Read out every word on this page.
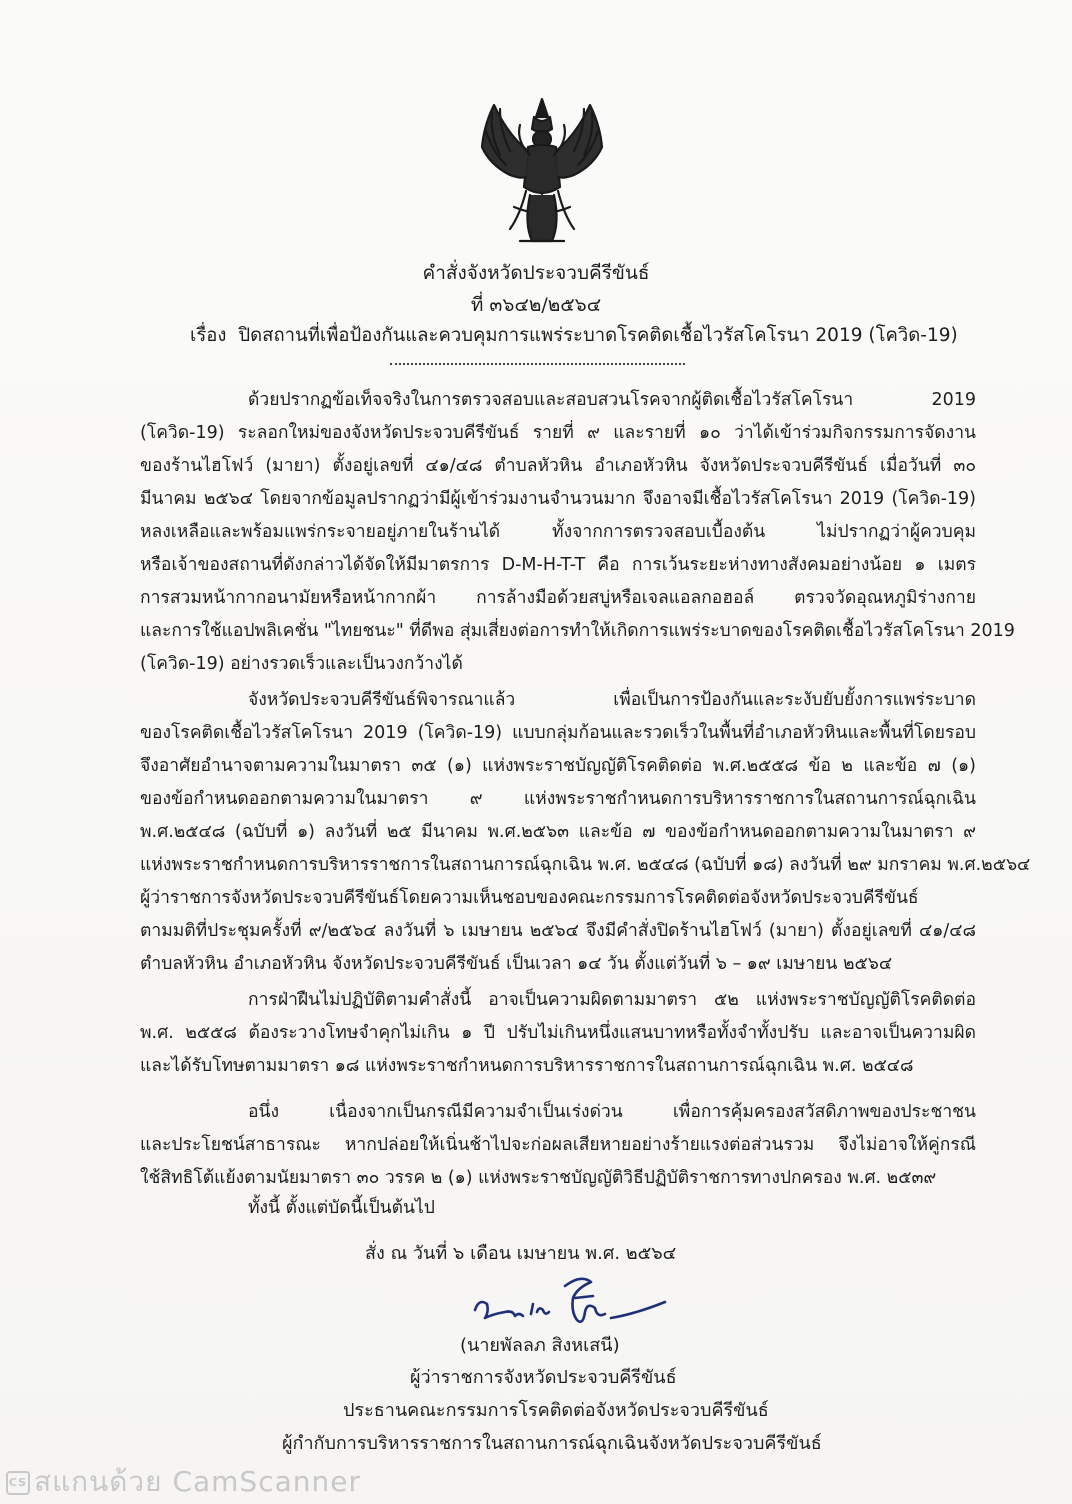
คำสั่งจังหวัดประจวบคีรีขันธ์
ที่ ๓๖๔๒/๒๕๖๔
เรื่อง ปิดสถานที่เพื่อป้องกันและควบคุมการแพร่ระบาดโรคติดเชื้อไวรัสโคโรนา 2019 (โควิด-19)
ด้วยปรากฏข้อเท็จจริงในการตรวจสอบและสอบสวนโรคจากผู้ติดเชื้อไวรัสโคโรนา 2019
(โควิด-19) ระลอกใหม่ของจังหวัดประจวบคีรีขันธ์ รายที่ ๙ และรายที่ ๑๐ ว่าได้เข้าร่วมกิจกรรมการจัดงาน
ของร้านไฮโฟว์ (มายา) ตั้งอยู่เลขที่ ๔๑/๔๘ ตำบลหัวหิน อำเภอหัวหิน จังหวัดประจวบคีรีขันธ์ เมื่อวันที่ ๓๐
มีนาคม ๒๕๖๔ โดยจากข้อมูลปรากฏว่ามีผู้เข้าร่วมงานจำนวนมาก จึงอาจมีเชื้อไวรัสโคโรนา 2019 (โควิด-19)
หลงเหลือและพร้อมแพร่กระจายอยู่ภายในร้านได้ ทั้งจากการตรวจสอบเบื้องต้น ไม่ปรากฏว่าผู้ควบคุม
หรือเจ้าของสถานที่ดังกล่าวได้จัดให้มีมาตรการ D-M-H-T-T คือ การเว้นระยะห่างทางสังคมอย่างน้อย ๑ เมตร
การสวมหน้ากากอนามัยหรือหน้ากากผ้า การล้างมือด้วยสบู่หรือเจลแอลกอฮอล์ ตรวจวัดอุณหภูมิร่างกาย
และการใช้แอปพลิเคชั่น "ไทยชนะ" ที่ดีพอ สุ่มเสี่ยงต่อการทำให้เกิดการแพร่ระบาดของโรคติดเชื้อไวรัสโคโรนา 2019
(โควิด-19) อย่างรวดเร็วและเป็นวงกว้างได้
จังหวัดประจวบคีรีขันธ์พิจารณาแล้ว เพื่อเป็นการป้องกันและระงับยับยั้งการแพร่ระบาด
ของโรคติดเชื้อไวรัสโคโรนา 2019 (โควิด-19) แบบกลุ่มก้อนและรวดเร็วในพื้นที่อำเภอหัวหินและพื้นที่โดยรอบ
จึงอาศัยอำนาจตามความในมาตรา ๓๕ (๑) แห่งพระราชบัญญัติโรคติดต่อ พ.ศ.๒๕๕๘ ข้อ ๒ และข้อ ๗ (๑)
ของข้อกำหนดออกตามความในมาตรา ๙ แห่งพระราชกำหนดการบริหารราชการในสถานการณ์ฉุกเฉิน
พ.ศ.๒๕๔๘ (ฉบับที่ ๑) ลงวันที่ ๒๕ มีนาคม พ.ศ.๒๕๖๓ และข้อ ๗ ของข้อกำหนดออกตามความในมาตรา ๙
แห่งพระราชกำหนดการบริหารราชการในสถานการณ์ฉุกเฉิน พ.ศ. ๒๕๔๘ (ฉบับที่ ๑๘) ลงวันที่ ๒๙ มกราคม พ.ศ.๒๕๖๔
ผู้ว่าราชการจังหวัดประจวบคีรีขันธ์โดยความเห็นชอบของคณะกรรมการโรคติดต่อจังหวัดประจวบคีรีขันธ์
ตามมติที่ประชุมครั้งที่ ๙/๒๕๖๔ ลงวันที่ ๖ เมษายน ๒๕๖๔ จึงมีคำสั่งปิดร้านไฮโฟว์ (มายา) ตั้งอยู่เลขที่ ๔๑/๔๘
ตำบลหัวหิน อำเภอหัวหิน จังหวัดประจวบคีรีขันธ์ เป็นเวลา ๑๔ วัน ตั้งแต่วันที่ ๖ – ๑๙ เมษายน ๒๕๖๔
การฝ่าฝืนไม่ปฏิบัติตามคำสั่งนี้ อาจเป็นความผิดตามมาตรา ๕๒ แห่งพระราชบัญญัติโรคติดต่อ
พ.ศ. ๒๕๕๘ ต้องระวางโทษจำคุกไม่เกิน ๑ ปี ปรับไม่เกินหนึ่งแสนบาทหรือทั้งจำทั้งปรับ และอาจเป็นความผิด
และได้รับโทษตามมาตรา ๑๘ แห่งพระราชกำหนดการบริหารราชการในสถานการณ์ฉุกเฉิน พ.ศ. ๒๕๔๘
อนึ่ง เนื่องจากเป็นกรณีมีความจำเป็นเร่งด่วน เพื่อการคุ้มครองสวัสดิภาพของประชาชน
และประโยชน์สาธารณะ หากปล่อยให้เนิ่นช้าไปจะก่อผลเสียหายอย่างร้ายแรงต่อส่วนรวม จึงไม่อาจให้คู่กรณี
ใช้สิทธิโต้แย้งตามนัยมาตรา ๓๐ วรรค ๒ (๑) แห่งพระราชบัญญัติวิธีปฏิบัติราชการทางปกครอง พ.ศ. ๒๕๓๙
ทั้งนี้ ตั้งแต่บัดนี้เป็นต้นไป
สั่ง ณ วันที่ ๖ เดือน เมษายน พ.ศ. ๒๕๖๔
(นายพัลลภ สิงหเสนี)
ผู้ว่าราชการจังหวัดประจวบคีรีขันธ์
ประธานคณะกรรมการโรคติดต่อจังหวัดประจวบคีรีขันธ์
ผู้กำกับการบริหารราชการในสถานการณ์ฉุกเฉินจังหวัดประจวบคีรีขันธ์
CS สแกนด้วย CamScanner
